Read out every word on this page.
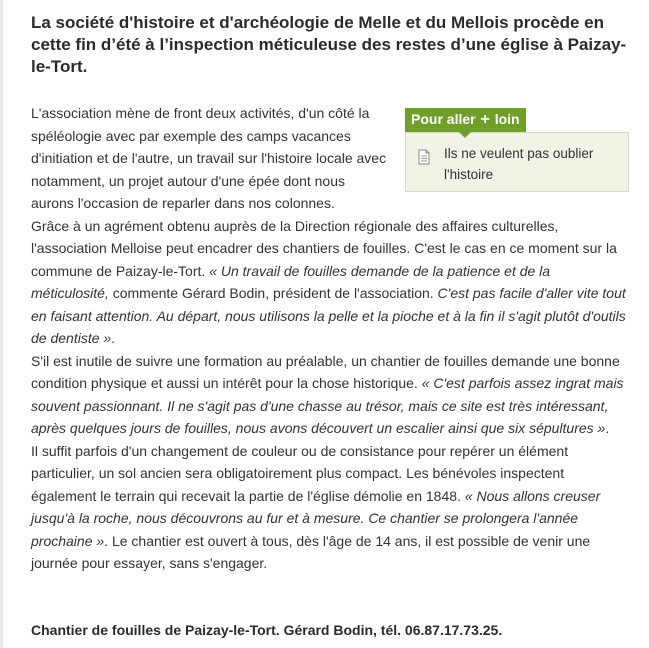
La société d'histoire et d'archéologie de Melle et du Mellois procède en cette fin d’été à l’inspection méticuleuse des restes d’une église à Paizay-le-Tort.
Pour aller + loin
Ils ne veulent pas oublier l'histoire

L'association mène de front deux activités, d'un côté la spéléologie avec par exemple des camps vacances d'initiation et de l'autre, un travail sur l'histoire locale avec notamment, un projet autour d'une épée dont nous aurons l'occasion de reparler dans nos colonnes.

Grâce à un agrément obtenu auprès de la Direction régionale des affaires culturelles, l'association Melloise peut encadrer des chantiers de fouilles. C'est le cas en ce moment sur la commune de Paizay-le-Tort. « Un travail de fouilles demande de la patience et de la méticulosité, commente Gérard Bodin, président de l'association. C'est pas facile d'aller vite tout en faisant attention. Au départ, nous utilisons la pelle et la pioche et à la fin il s'agit plutôt d'outils de dentiste ».

S'il est inutile de suivre une formation au préalable, un chantier de fouilles demande une bonne condition physique et aussi un intérêt pour la chose historique. « C'est parfois assez ingrat mais souvent passionnant. Il ne s'agit pas d'une chasse au trésor, mais ce site est très intéressant, après quelques jours de fouilles, nous avons découvert un escalier ainsi que six sépultures ».

Il suffit parfois d'un changement de couleur ou de consistance pour repérer un élément particulier, un sol ancien sera obligatoirement plus compact. Les bénévoles inspectent également le terrain qui recevait la partie de l'église démolie en 1848. « Nous allons creuser jusqu'à la roche, nous découvrons au fur et à mesure. Ce chantier se prolongera l'année prochaine ». Le chantier est ouvert à tous, dès l'âge de 14 ans, il est possible de venir une journée pour essayer, sans s'engager.

Chantier de fouilles de Paizay-le-Tort. Gérard Bodin, tél. 06.87.17.73.25.
